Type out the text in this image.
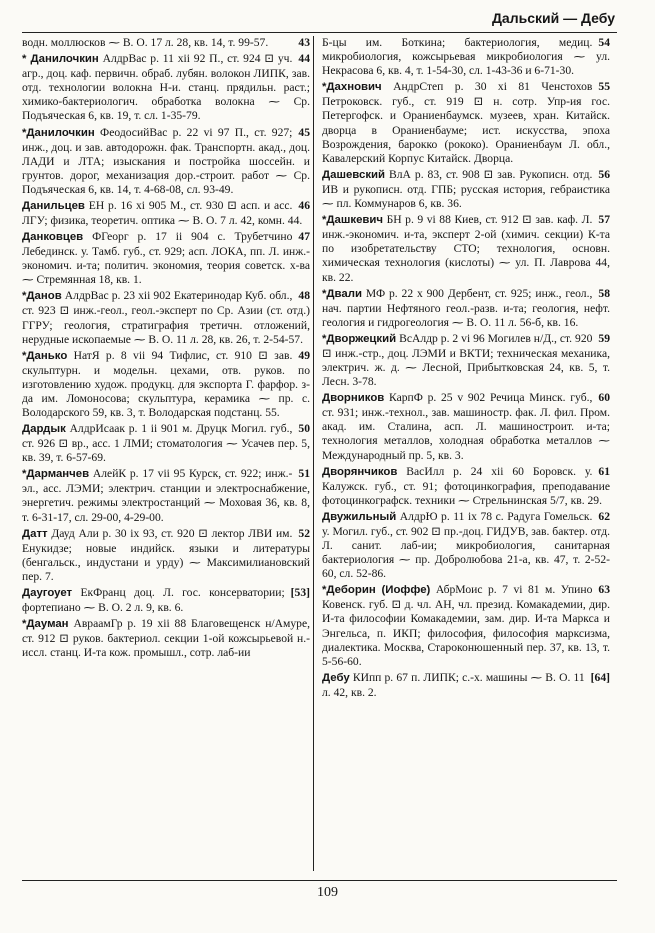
Дальский — Дебу

43
водн. моллюсков ⁓ В. О. 17 л. 28, кв. 14, т. 99-57.

44
* Данилочкин АлдрВас р. 11 xii 92 П., ст. 924 ⊡ уч. агр., доц. каф. первичн. обраб. лубян. волокон ЛИПК, зав. отд. технологии волокна Н-и. станц. прядильн. раст.; химико-бактериологич. обработка волокна ⁓ Ср. Подъяческая 6, кв. 19, т. сл. 1-35-79.

45
*Данилочкин ФеодосийВас р. 22 vi 97 П., ст. 927; инж., доц. и зав. автодорожн. фак. Транспортн. акад., доц. ЛАДИ и ЛТА; изыскания и постройка шоссейн. и грунтов. дорог, механизация дор.-строит. работ ⁓ Ср. Подъяческая 6, кв. 14, т. 4-68-08, сл. 93-49.

46
Данильцев ЕН р. 16 xi 905 М., ст. 930 ⊡ асп. и асс. ЛГУ; физика, теоретич. оптика ⁓ В. О. 7 л. 42, комн. 44.

47
Данковцев ФГеорг р. 17 ii 904 с. Трубетчино Лебединск. у. Тамб. губ., ст. 929; асп. ЛОКА, пп. Л. инж.-экономич. и-та; политич. экономия, теория советск. х-ва ⁓ Стремянная 18, кв. 1.

48
*Данов АлдрВас р. 23 xii 902 Екатеринодар Куб. обл., ст. 923 ⊡ инж.-геол., геол.-эксперт по Ср. Азии (ст. отд.) ГГРУ; геология, стратиграфия третичн. отложений, нерудные ископаемые ⁓ В. О. 11 л. 28, кв. 26, т. 2-54-57.

49
*Данько НатЯ р. 8 vii 94 Тифлис, ст. 910 ⊡ зав. скульптурн. и модельн. цехами, отв. руков. по изготовлению худож. продукц. для экспорта Г. фарфор. з-да им. Ломоносова; скульптура, керамика ⁓ пр. с. Володарского 59, кв. 3, т. Володарская подстанц. 55.

50
Дардык АлдрИсаак р. 1 ii 901 м. Друцк Могил. губ., ст. 926 ⊡ вр., асс. 1 ЛМИ; стоматология ⁓ Усачев пер. 5, кв. 39, т. 6-57-69.

51
*Дарманчев АлейК р. 17 vii 95 Курск, ст. 922; инж.-эл., асс. ЛЭМИ; электрич. станции и электроснабжение, энергетич. режимы электростанций ⁓ Моховая 36, кв. 8, т. 6-31-17, сл. 29-00, 4-29-00.

52
Датт Дауд Али р. 30 ix 93, ст. 920 ⊡ лектор ЛВИ им. Енукидзе; новые индийск. языки и литературы (бенгальск., индустани и урду) ⁓ Максимилиановский пер. 7.

[53]
Даугоует ЕкФранц доц. Л. гос. консерватории; фортепиано ⁓ В. О. 2 л. 9, кв. 6.

*Дауман АвраамГр р. 19 xii 88 Благовещенск н/Амуре, ст. 912 ⊡ руков. бактериол. секции 1-ой кожсырьевой н.-иссл. станц. И-та кож. промышл., сотр. лаб-ии

54
Б-цы им. Боткина; бактериология, медиц. микробиология, кожсырьевая микробиология ⁓ ул. Некрасова 6, кв. 4, т. 1-54-30, сл. 1-43-36 и 6-71-30.

55
*Дахнович АндрСтеп р. 30 xi 81 Ченстохов Петроковск. губ., ст. 919 ⊡ н. сотр. Упр-ия гос. Петергофск. и Ораниенбаумск. музеев, хран. Китайск. дворца в Ораниенбауме; ист. искусства, эпоха Возрождения, барокко (рококо). Ораниенбаум Л. обл., Кавалерский Корпус Китайск. Дворца.

56
Дашевский ВлА р. 83, ст. 908 ⊡ зав. Рукописн. отд. ИВ и рукописн. отд. ГПБ; русская история, гебраистика ⁓ пл. Коммунаров 6, кв. 36.

57
*Дашкевич БН р. 9 vi 88 Киев, ст. 912 ⊡ зав. каф. Л. инж.-экономич. и-та, эксперт 2-ой (химич. секции) К-та по изобретательству СТО; технология, основн. химическая технология (кислоты) ⁓ ул. П. Лаврова 44, кв. 22.

58
*Двали МФ р. 22 x 900 Дербент, ст. 925; инж., геол., нач. партии Нефтяного геол.-разв. и-та; геология, нефт. геология и гидрогеология ⁓ В. О. 11 л. 56-б, кв. 16.

59
*Дворжецкий ВсАлдр р. 2 vi 96 Могилев н/Д., ст. 920 ⊡ инж.-стр., доц. ЛЭМИ и ВКТИ; техническая механика, электрич. ж. д. ⁓ Лесной, Прибытковская 24, кв. 5, т. Лесн. 3-78.

60
Дворников КарпФ р. 25 v 902 Речица Минск. губ., ст. 931; инж.-технол., зав. машиностр. фак. Л. фил. Пром. акад. им. Сталина, асп. Л. машиностроит. и-та; технология металлов, холодная обработка металлов ⁓ Международный пр. 5, кв. 3.

61
Дворянчиков ВасИлл р. 24 xii 60 Боровск. у. Калужск. губ., ст. 91; фотоцинкография, преподавание фотоцинкографск. техники ⁓ Стрельнинская 5/7, кв. 29.

62
Двужильный АлдрЮ р. 11 ix 78 с. Радуга Гомельск. у. Могил. губ., ст. 902 ⊡ пр.-доц. ГИДУВ, зав. бактер. отд. Л. санит. лаб-ии; микробиология, санитарная бактериология ⁓ пр. Добролюбова 21-а, кв. 47, т. 2-52-60, сл. 52-86.

63
*Деборин (Иоффе) АбрМоис р. 7 vi 81 м. Упино Ковенск. губ. ⊡ д. чл. АН, чл. презид. Комакадемии, дир. И-та философии Комакадемии, зам. дир. И-та Маркса и Энгельса, п. ИКП; философия, философия марксизма, диалектика. Москва, Староконюшенный пер. 37, кв. 13, т. 5-56-60.

[64]
Дебу КИпп р. 67 п. ЛИПК; с.-х. машины ⁓ В. О. 11 л. 42, кв. 2.

109
